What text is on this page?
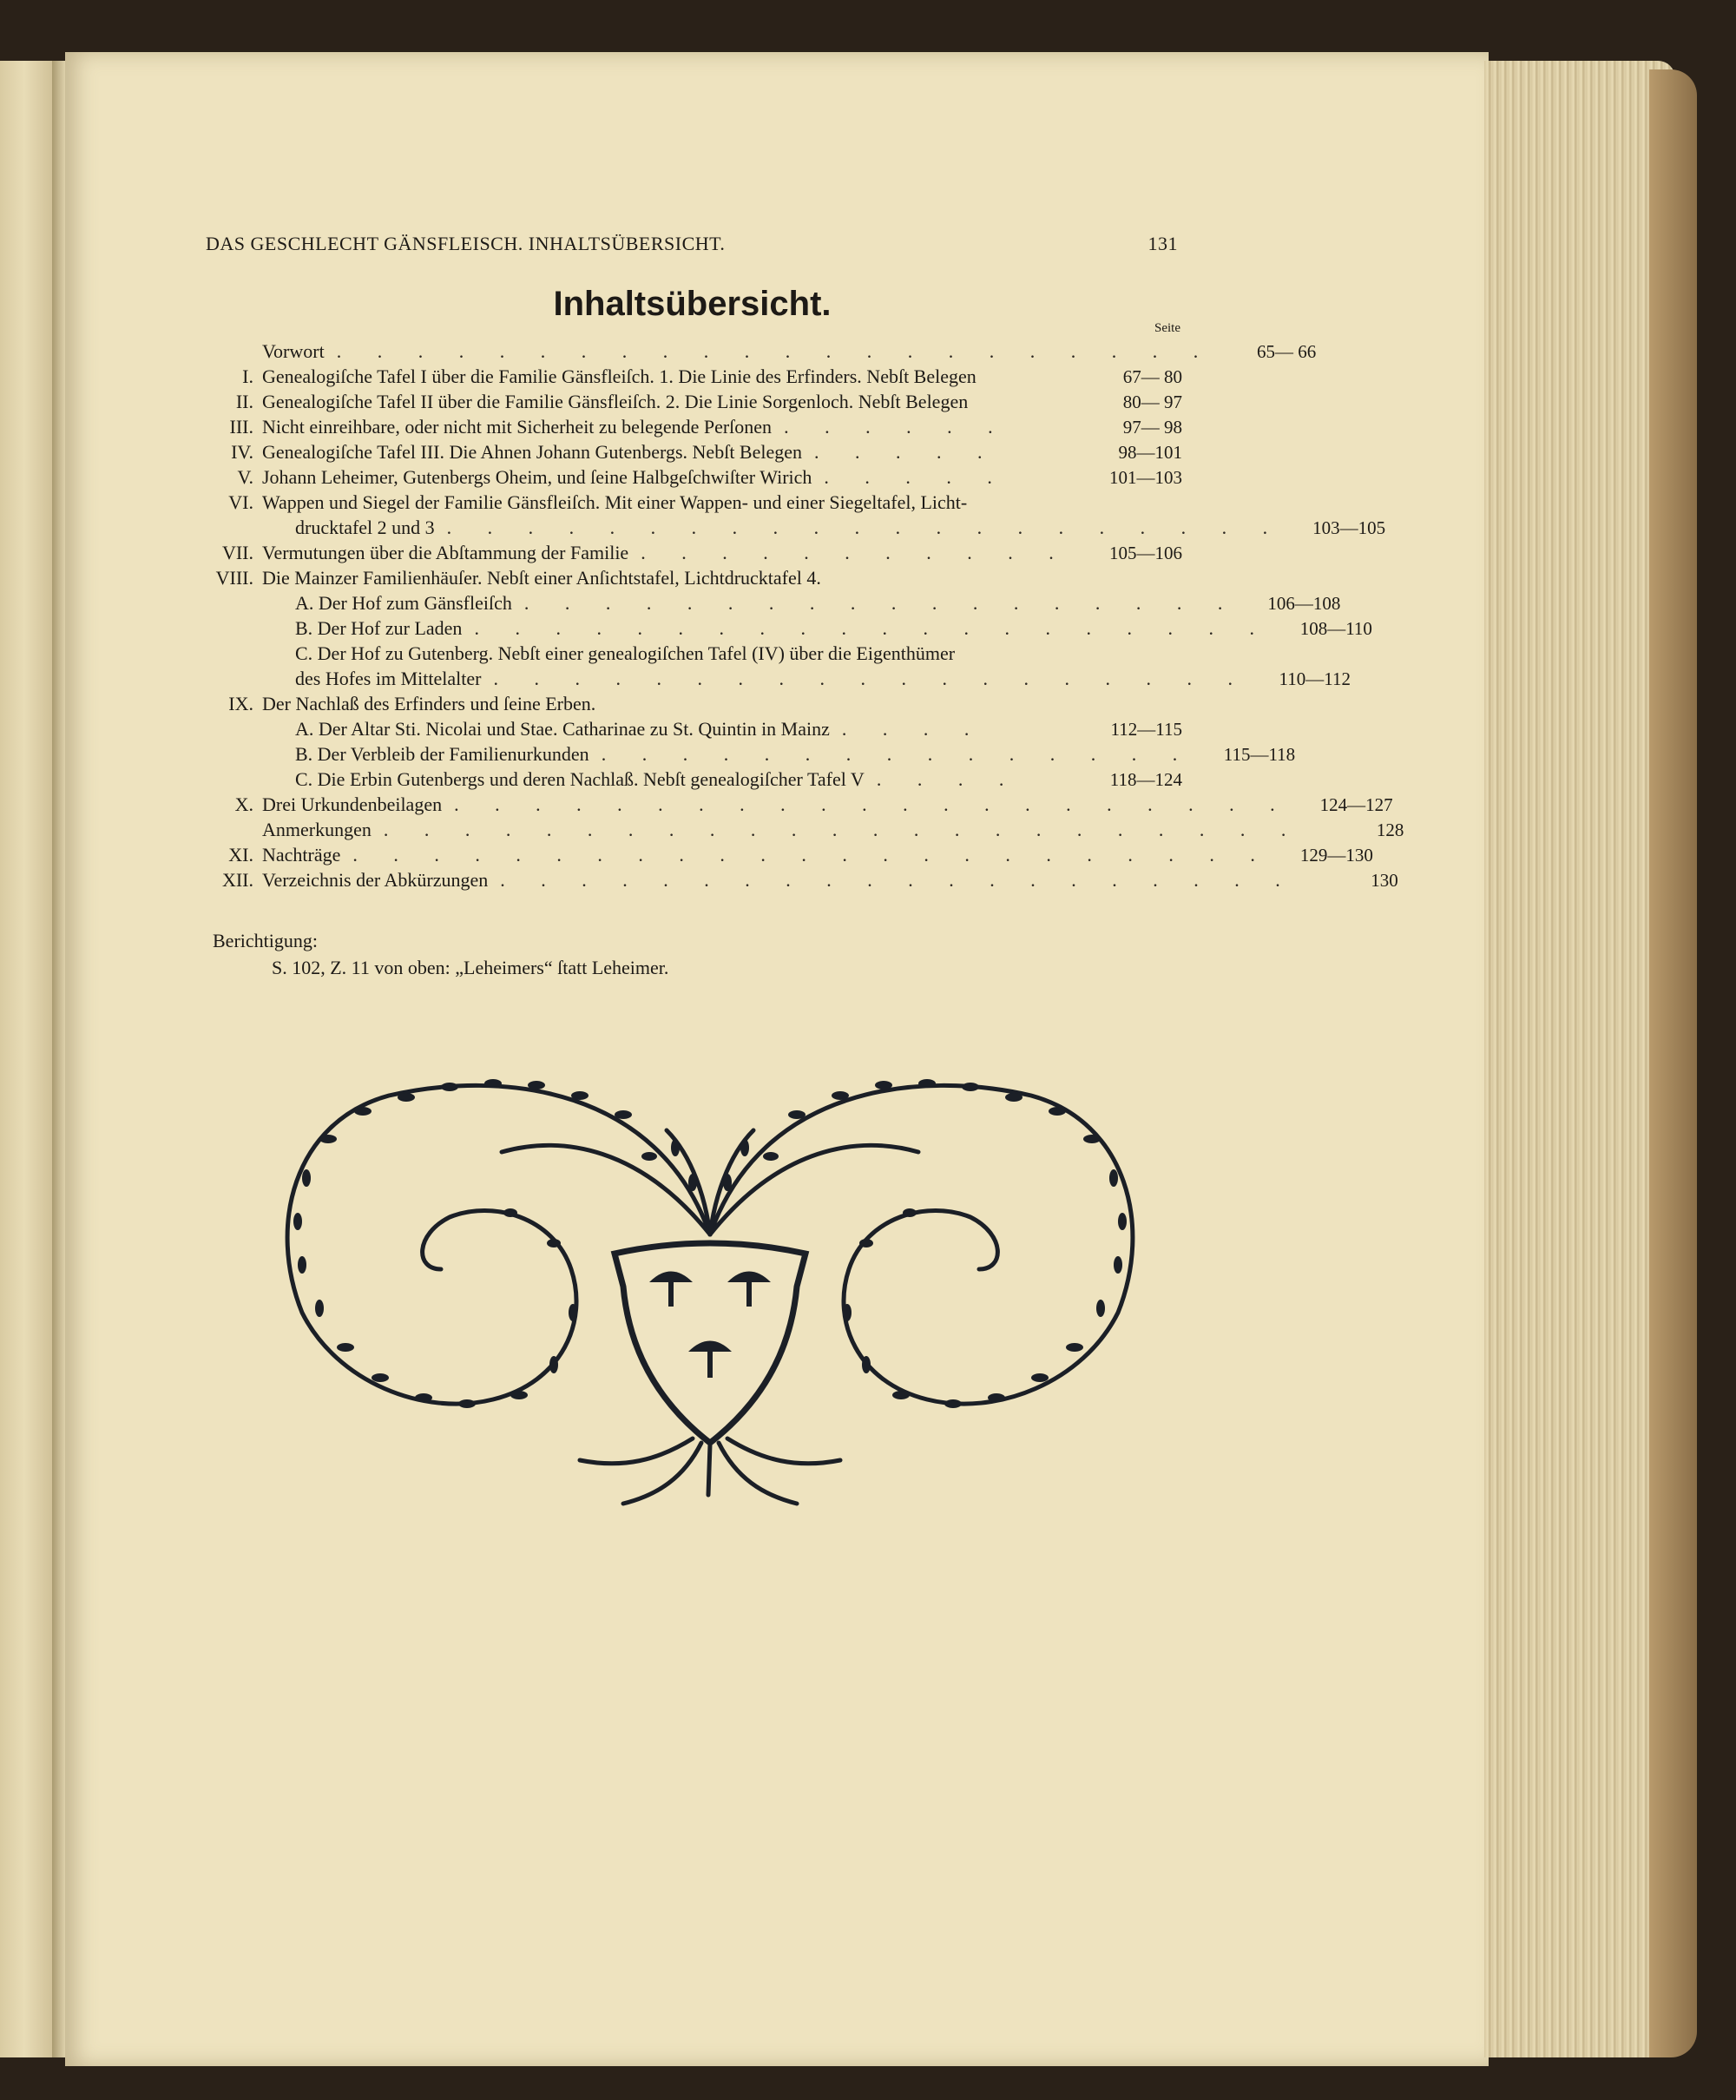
DAS GESCHLECHT GÄNSFLEISCH. INHALTSÜBERSICHT.	131
Inhaltsübersicht.
Seite
Vorwort . . . . . . . . . . . . . . . . . . . . . .	65— 66
I. Genealogiſche Tafel I über die Familie Gänsfleiſch. 1. Die Linie des Erfinders. Nebſt Belegen	67— 80
II. Genealogiſche Tafel II über die Familie Gänsfleiſch. 2. Die Linie Sorgenloch. Nebſt Belegen	80— 97
III. Nicht einreihbare, oder nicht mit Sicherheit zu belegende Perſonen . . . . . .	97— 98
IV. Genealogiſche Tafel III. Die Ahnen Johann Gutenbergs. Nebſt Belegen . . . . .	98—101
V. Johann Leheimer, Gutenbergs Oheim, und ſeine Halbgeſchwiſter Wirich . . . . .	101—103
VI. Wappen und Siegel der Familie Gänsfleiſch. Mit einer Wappen- und einer Siegeltafel, Licht-
drucktafel 2 und 3 . . . . . . . . . . . . . . . . . . . . .	103—105
VII. Vermutungen über die Abſtammung der Familie . . . . . . . . . . .	105—106
VIII. Die Mainzer Familienhäuſer. Nebſt einer Anſichtstafel, Lichtdrucktafel 4.
A. Der Hof zum Gänsfleiſch . . . . . . . . . . . . . . . . . .	106—108
B. Der Hof zur Laden . . . . . . . . . . . . . . . . . . . .	108—110
C. Der Hof zu Gutenberg. Nebſt einer genealogiſchen Tafel (IV) über die Eigenthümer
des Hofes im Mittelalter . . . . . . . . . . . . . . . . . . .	110—112
IX. Der Nachlaß des Erfinders und ſeine Erben.
A. Der Altar Sti. Nicolai und Stae. Catharinae zu St. Quintin in Mainz . . . .	112—115
B. Der Verbleib der Familienurkunden . . . . . . . . . . . . . . .	115—118
C. Die Erbin Gutenbergs und deren Nachlaß. Nebſt genealogiſcher Tafel V . . . .	118—124
X. Drei Urkundenbeilagen . . . . . . . . . . . . . . . . . . . . .	124—127
Anmerkungen . . . . . . . . . . . . . . . . . . . . . . .	128
XI. Nachträge . . . . . . . . . . . . . . . . . . . . . . .	129—130
XII. Verzeichnis der Abkürzungen . . . . . . . . . . . . . . . . . . . .	130
Berichtigung:
S. 102, Z. 11 von oben: „Leheimers“ ſtatt Leheimer.
